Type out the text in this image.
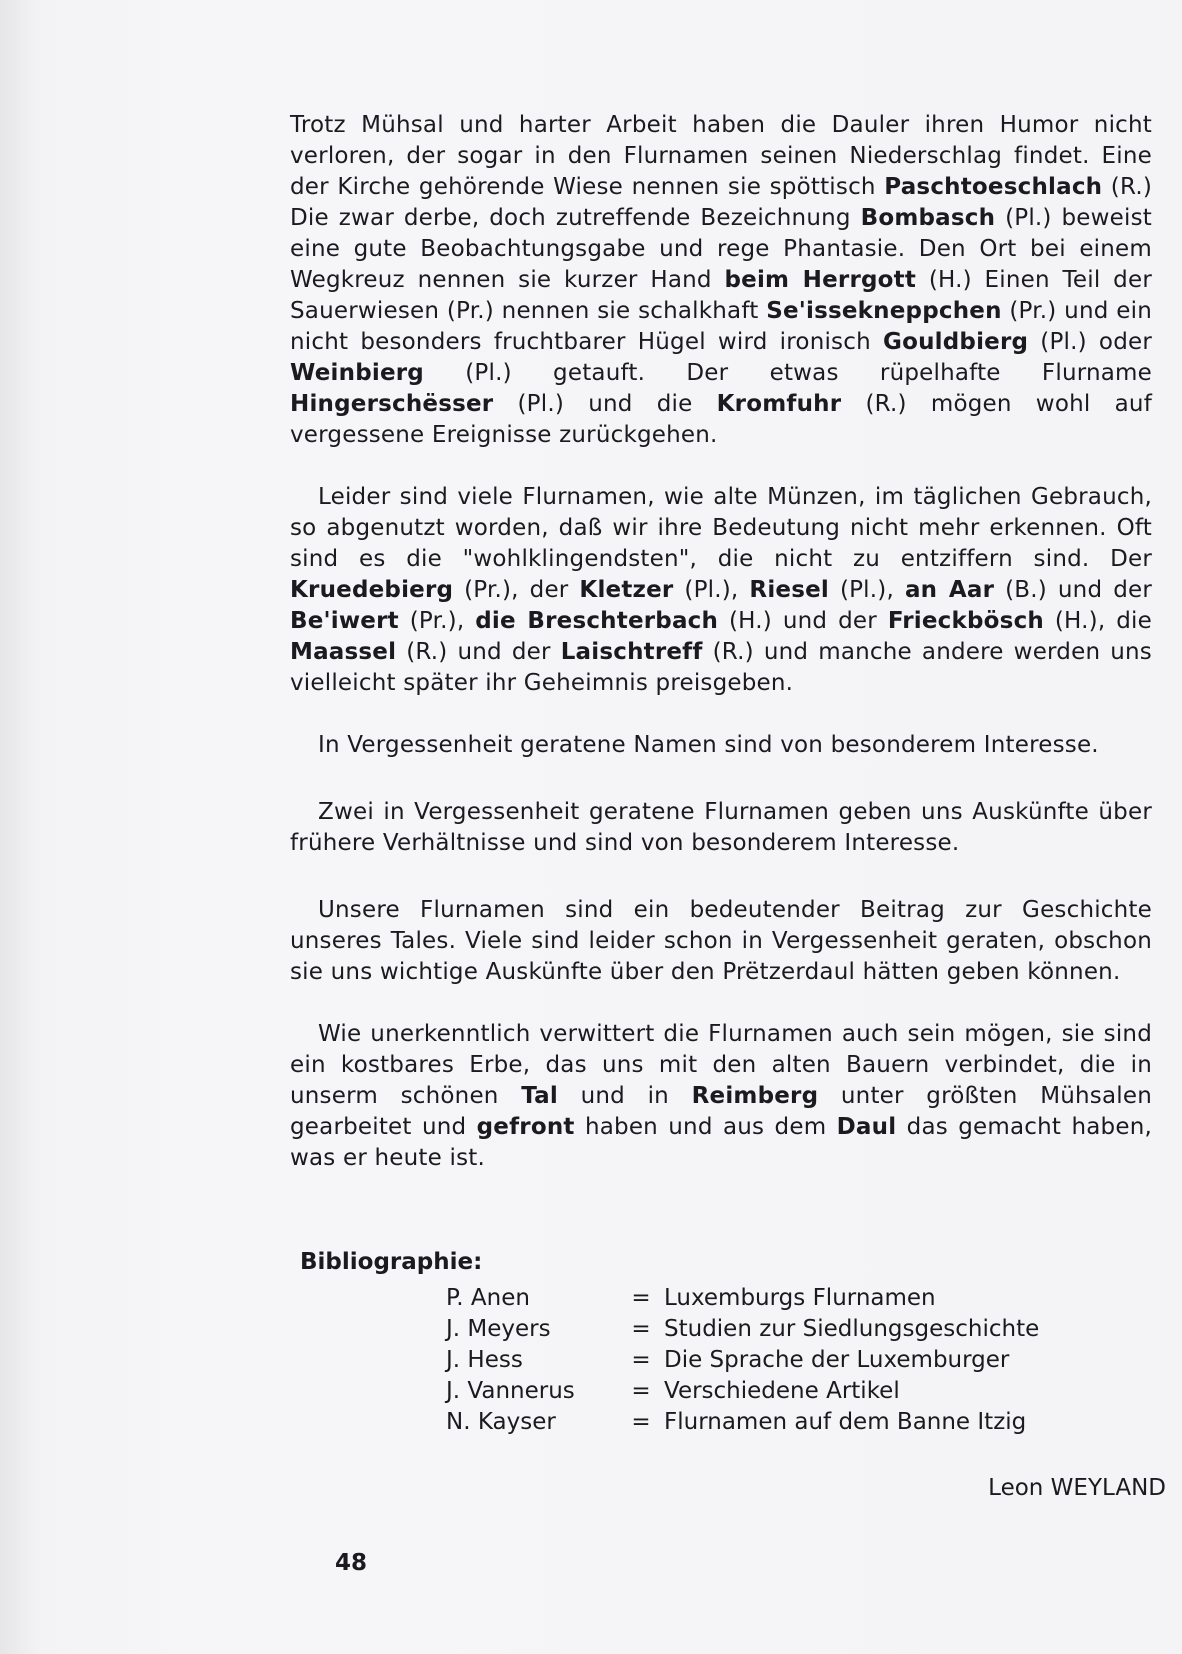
Trotz Mühsal und harter Arbeit haben die Dauler ihren Humor nicht verloren, der sogar in den Flurnamen seinen Niederschlag findet. Eine der Kirche gehörende Wiese nennen sie spöttisch Paschtoeschlach (R.) Die zwar derbe, doch zutreffende Bezeichnung Bombasch (Pl.) beweist eine gute Beobachtungsgabe und rege Phantasie. Den Ort bei einem Wegkreuz nennen sie kurzer Hand beim Herrgott (H.) Einen Teil der Sauerwiesen (Pr.) nennen sie schalkhaft Se'issekneppchen (Pr.) und ein nicht besonders fruchtbarer Hügel wird ironisch Gouldbierg (Pl.) oder Weinbierg (Pl.) getauft. Der etwas rüpelhafte Flurname Hingerschësser (Pl.) und die Kromfuhr (R.) mögen wohl auf vergessene Ereignisse zurückgehen.

Leider sind viele Flurnamen, wie alte Münzen, im täglichen Gebrauch, so abgenutzt worden, daß wir ihre Bedeutung nicht mehr erkennen. Oft sind es die "wohlklingendsten", die nicht zu entziffern sind. Der Kruedebierg (Pr.), der Kletzer (Pl.), Riesel (Pl.), an Aar (B.) und der Be'iwert (Pr.), die Breschterbach (H.) und der Frieckbösch (H.), die Maassel (R.) und der Laischtreff (R.) und manche andere werden uns vielleicht später ihr Geheimnis preisgeben.

In Vergessenheit geratene Namen sind von besonderem Interesse.

Zwei in Vergessenheit geratene Flurnamen geben uns Auskünfte über frühere Verhältnisse und sind von besonderem Interesse.

Unsere Flurnamen sind ein bedeutender Beitrag zur Geschichte unseres Tales. Viele sind leider schon in Vergessenheit geraten, obschon sie uns wichtige Auskünfte über den Prëtzerdaul hätten geben können.

Wie unerkenntlich verwittert die Flurnamen auch sein mögen, sie sind ein kostbares Erbe, das uns mit den alten Bauern verbindet, die in unserm schönen Tal und in Reimberg unter größten Mühsalen gearbeitet und gefront haben und aus dem Daul das gemacht haben, was er heute ist.

Bibliographie:
P. Anen	=	Luxemburgs Flurnamen
J. Meyers	=	Studien zur Siedlungsgeschichte
J. Hess	=	Die Sprache der Luxemburger
J. Vannerus	=	Verschiedene Artikel
N. Kayser	=	Flurnamen auf dem Banne Itzig
Leon WEYLAND
48
